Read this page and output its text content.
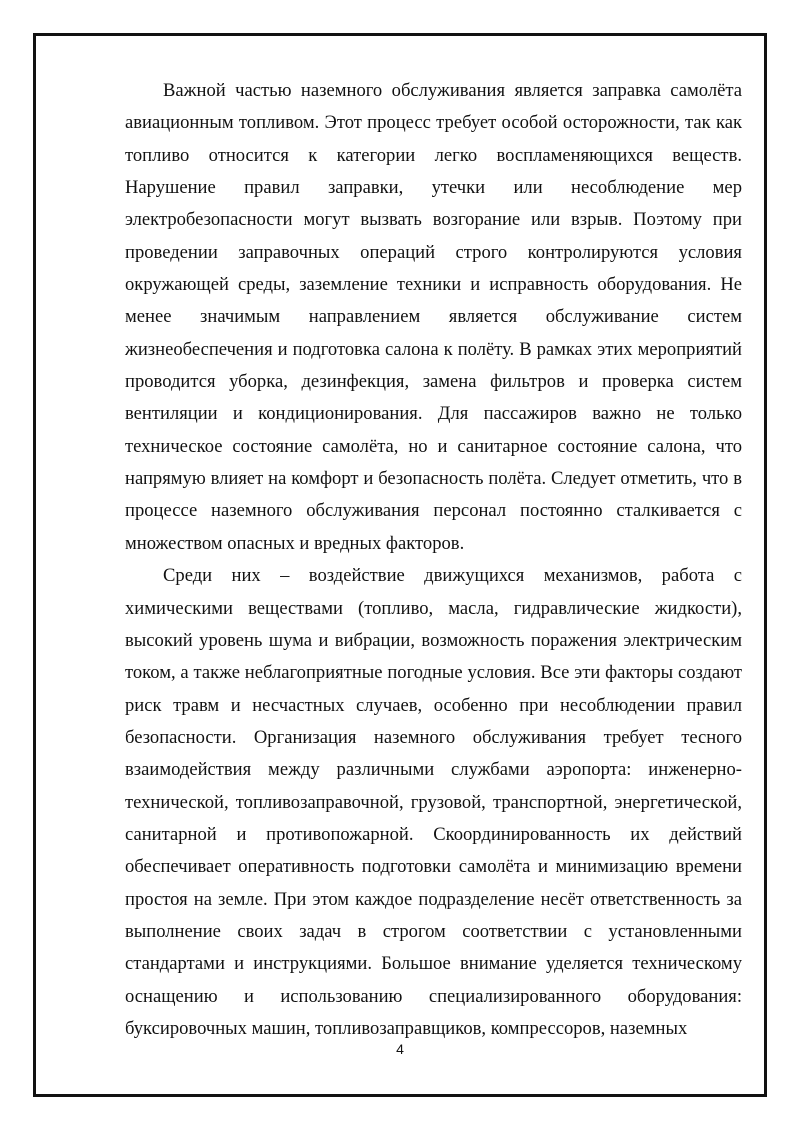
Важной частью наземного обслуживания является заправка самолёта авиационным топливом. Этот процесс требует особой осторожности, так как топливо относится к категории легко воспламеняющихся веществ. Нарушение правил заправки, утечки или несоблюдение мер электробезопасности могут вызвать возгорание или взрыв. Поэтому при проведении заправочных операций строго контролируются условия окружающей среды, заземление техники и исправность оборудования. Не менее значимым направлением является обслуживание систем жизнеобеспечения и подготовка салона к полёту. В рамках этих мероприятий проводится уборка, дезинфекция, замена фильтров и проверка систем вентиляции и кондиционирования. Для пассажиров важно не только техническое состояние самолёта, но и санитарное состояние салона, что напрямую влияет на комфорт и безопасность полёта. Следует отметить, что в процессе наземного обслуживания персонал постоянно сталкивается с множеством опасных и вредных факторов.

Среди них – воздействие движущихся механизмов, работа с химическими веществами (топливо, масла, гидравлические жидкости), высокий уровень шума и вибрации, возможность поражения электрическим током, а также неблагоприятные погодные условия. Все эти факторы создают риск травм и несчастных случаев, особенно при несоблюдении правил безопасности. Организация наземного обслуживания требует тесного взаимодействия между различными службами аэропорта: инженерно-технической, топливозаправочной, грузовой, транспортной, энергетической, санитарной и противопожарной. Скоординированность их действий обеспечивает оперативность подготовки самолёта и минимизацию времени простоя на земле. При этом каждое подразделение несёт ответственность за выполнение своих задач в строгом соответствии с установленными стандартами и инструкциями. Большое внимание уделяется техническому оснащению и использованию специализированного оборудования: буксировочных машин, топливозаправщиков, компрессоров, наземных

4
